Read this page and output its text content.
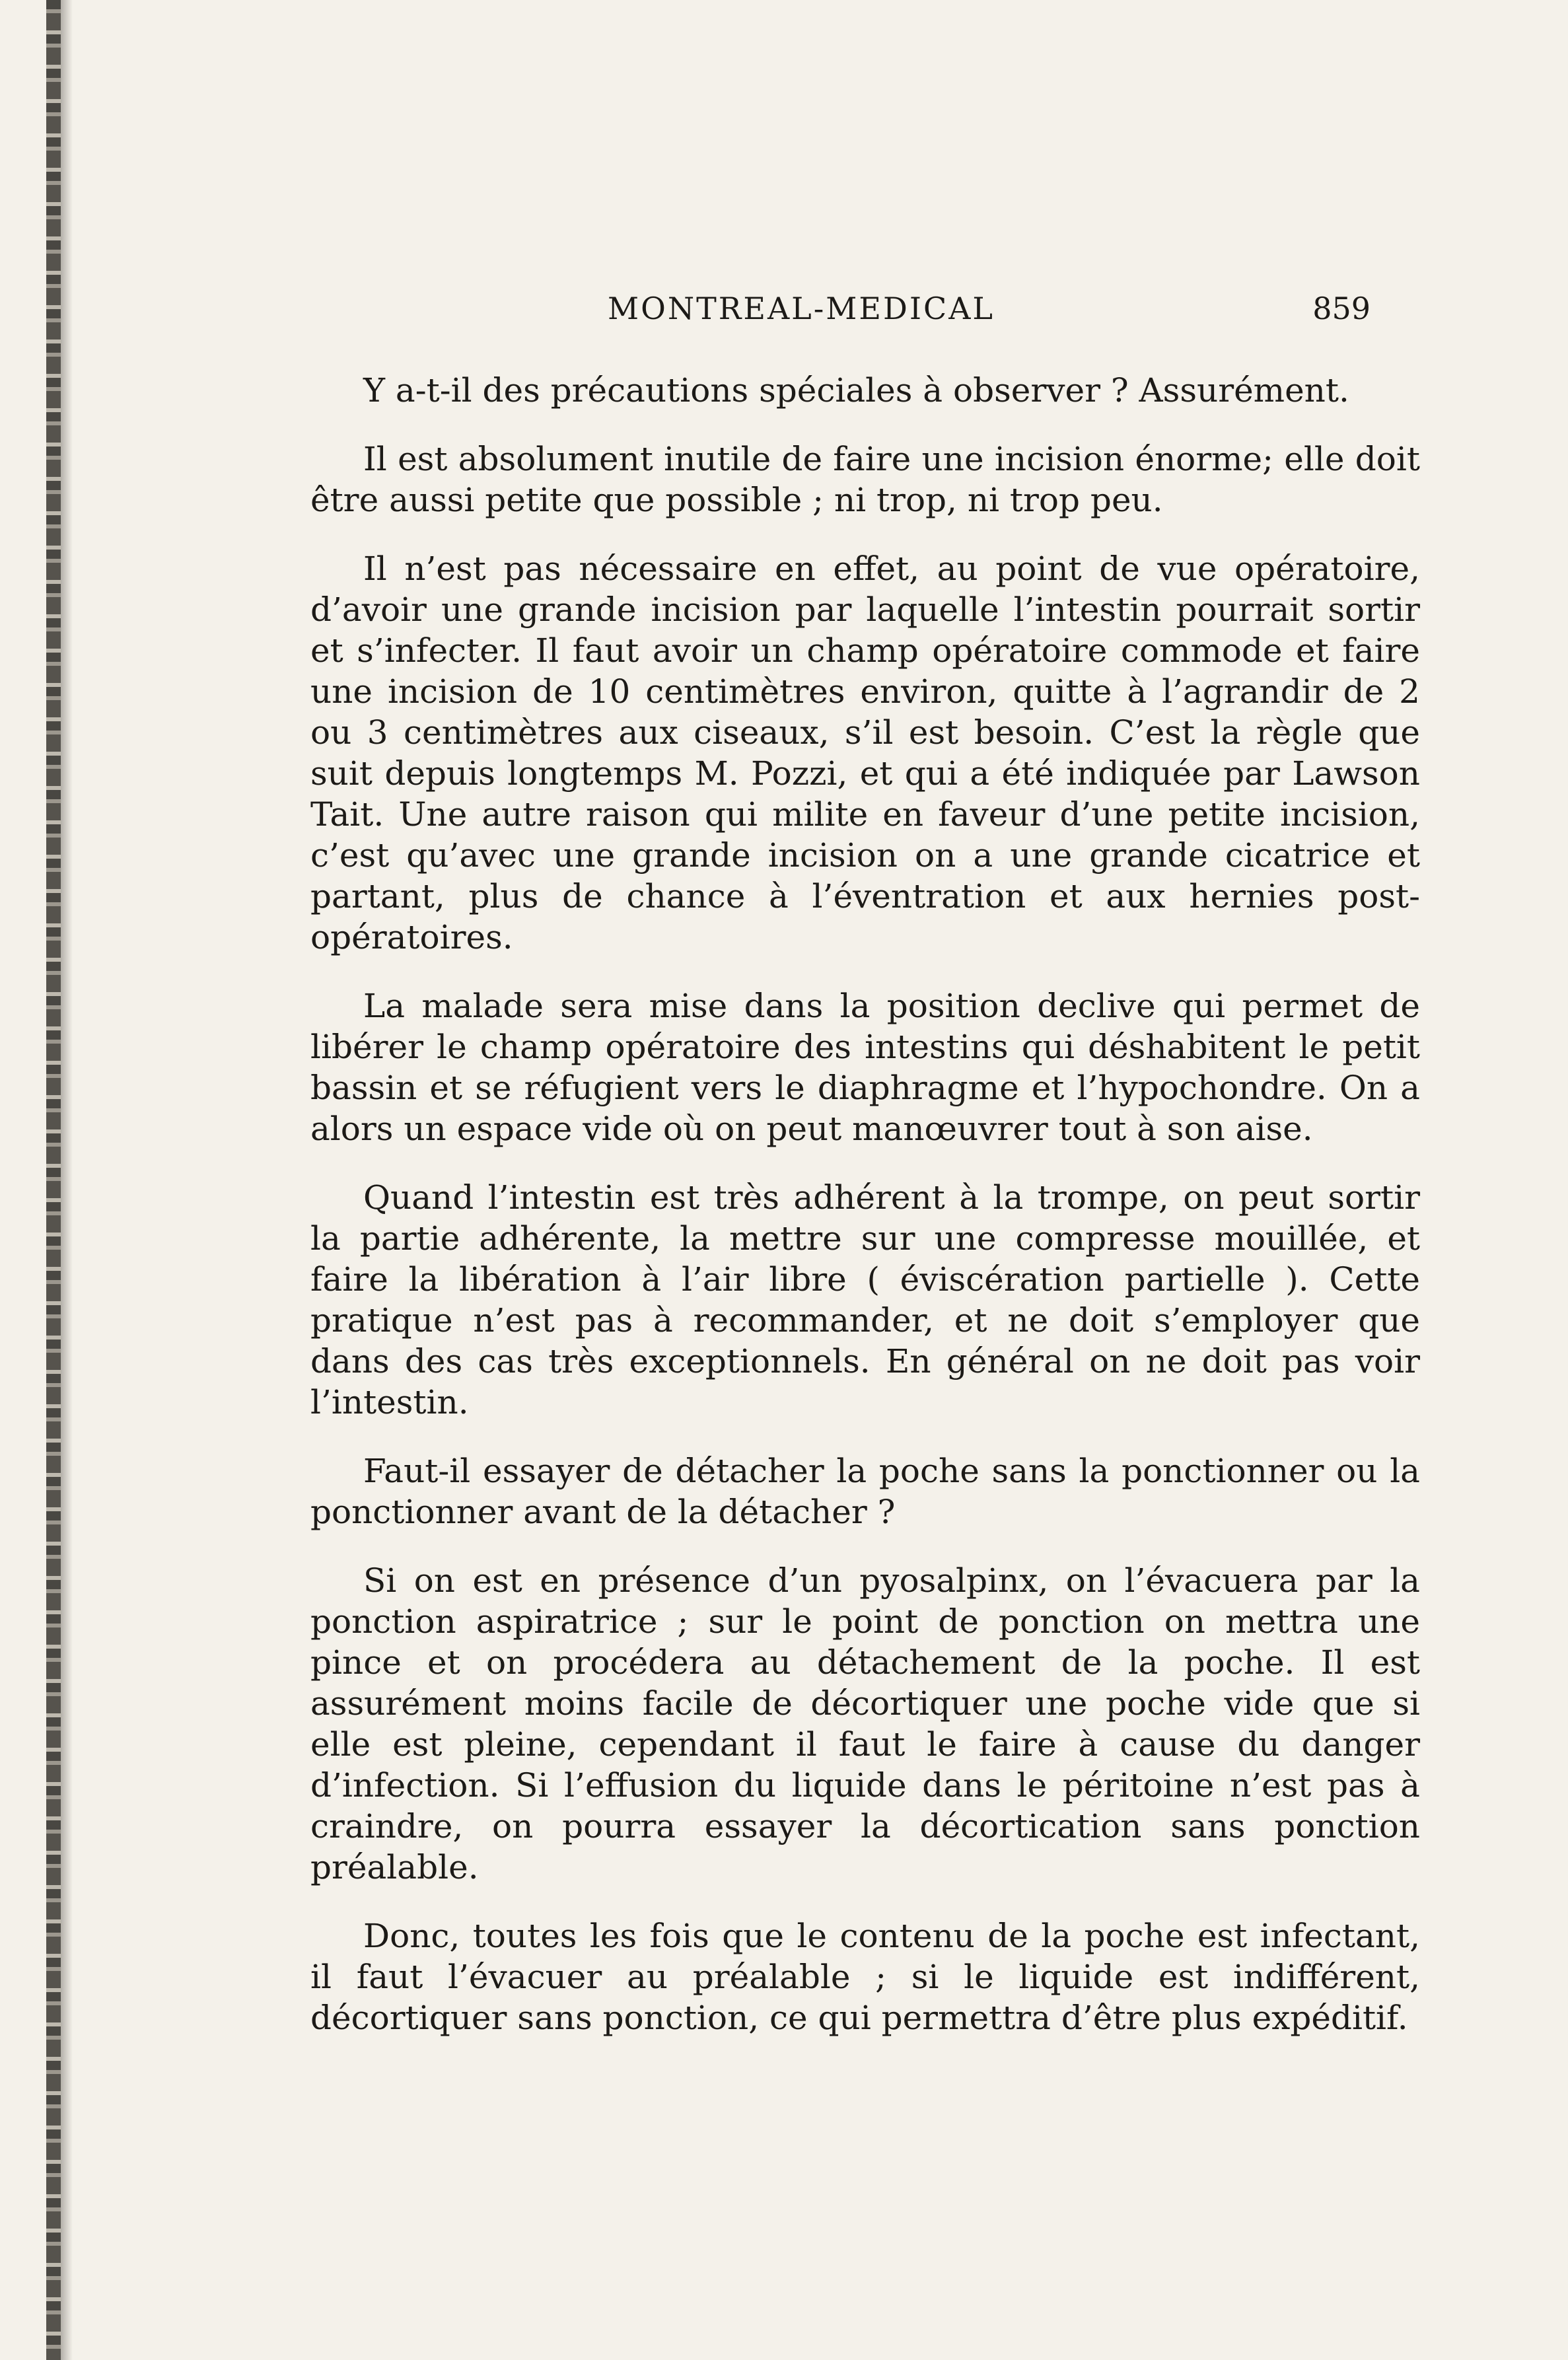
MONTREAL-MEDICAL	859

Y a-t-il des précautions spéciales à observer ? Assurément.

Il est absolument inutile de faire une incision énorme; elle doit être aussi petite que possible ; ni trop, ni trop peu.

Il n’est pas nécessaire en effet, au point de vue opératoire, d’avoir une grande incision par laquelle l’intestin pourrait sortir et s’infecter. Il faut avoir un champ opératoire commode et faire une incision de 10 centimètres environ, quitte à l’agrandir de 2 ou 3 centimètres aux ciseaux, s’il est besoin. C’est la règle que suit depuis longtemps M. Pozzi, et qui a été indiquée par Lawson Tait. Une autre raison qui milite en faveur d’une petite incision, c’est qu’avec une grande incision on a une grande cicatrice et partant, plus de chance à l’éventration et aux hernies post-opératoires.

La malade sera mise dans la position declive qui permet de libérer le champ opératoire des intestins qui déshabitent le petit bassin et se réfugient vers le diaphragme et l’hypochondre. On a alors un espace vide où on peut manœuvrer tout à son aise.

Quand l’intestin est très adhérent à la trompe, on peut sortir la partie adhérente, la mettre sur une compresse mouillée, et faire la libération à l’air libre ( éviscération partielle ). Cette pratique n’est pas à recommander, et ne doit s’employer que dans des cas très exceptionnels. En général on ne doit pas voir l’intestin.

Faut-il essayer de détacher la poche sans la ponctionner ou la ponctionner avant de la détacher ?

Si on est en présence d’un pyosalpinx, on l’évacuera par la ponction aspiratrice ; sur le point de ponction on mettra une pince et on procédera au détachement de la poche. Il est assurément moins facile de décortiquer une poche vide que si elle est pleine, cependant il faut le faire à cause du danger d’infection. Si l’effusion du liquide dans le péritoine n’est pas à craindre, on pourra essayer la décortication sans ponction préalable.

Donc, toutes les fois que le contenu de la poche est infectant, il faut l’évacuer au préalable ; si le liquide est indifférent, décortiquer sans ponction, ce qui permettra d’être plus expéditif.
